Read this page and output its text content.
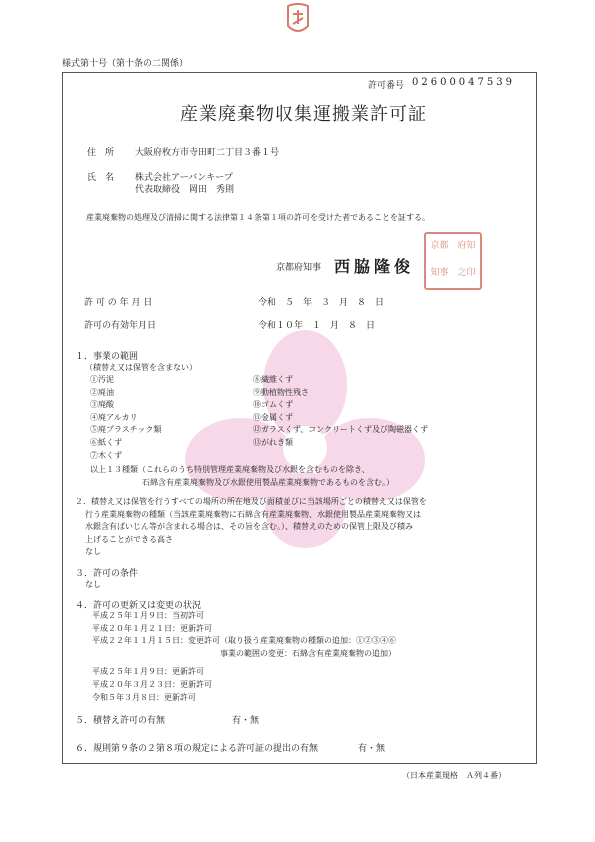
様式第十号（第十条の二関係）
許可番号 02600047539
産業廃棄物収集運搬業許可証
住　所 大阪府枚方市寺田町二丁目３番１号
氏　名 株式会社アーバンキープ
代表取締役　岡田　秀則
産業廃棄物の処理及び清掃に関する法律第１４条第１項の許可を受けた者であることを証する。
京都府知事 西脇隆俊
京都 府知
知事 之印
許 可 の 年 月 日	令和　５　年　３　月　８　日
許可の有効年月日	令和１０年　１　月　８　日
１．事業の範囲
（積替え又は保管を含まない）
①汚泥
②廃油
③廃酸
④廃アルカリ
⑤廃プラスチック類
⑥紙くず
⑦木くず
⑧繊維くず
⑨動植物性残さ
⑩ゴムくず
⑪金属くず
⑫ガラスくず、コンクリートくず及び陶磁器くず
⑬がれき類
以上１３種類（これらのうち特別管理産業廃棄物及び水銀を含むものを除き、
石綿含有産業廃棄物及び水銀使用製品産業廃棄物であるものを含む。）
２．積替え又は保管を行うすべての場所の所在地及び面積並びに当該場所ごとの積替え又は保管を
行う産業廃棄物の種類（当該産業廃棄物に石綿含有産業廃棄物、水銀使用製品産業廃棄物又は
水銀含有ばいじん等が含まれる場合は、その旨を含む。）、積替えのための保管上限及び積み
上げることができる高さ
なし
３．許可の条件
なし
４．許可の更新又は変更の状況
平成２５年１月９日：当初許可
平成２０年１月２１日：更新許可
平成２２年１１月１５日：変更許可（取り扱う産業廃棄物の種類の追加：①②③④⑥
　　　　　　　　　　　　　　　　事業の範囲の変更：石綿含有産業廃棄物の追加）
平成２５年１月９日：更新許可
平成２０年３月２３日：更新許可
令和５年３月８日：更新許可
５．積替え許可の有無	有・無
６．規則第９条の２第８項の規定による許可証の提出の有無	有・無
（日本産業規格　Ａ列４番）
